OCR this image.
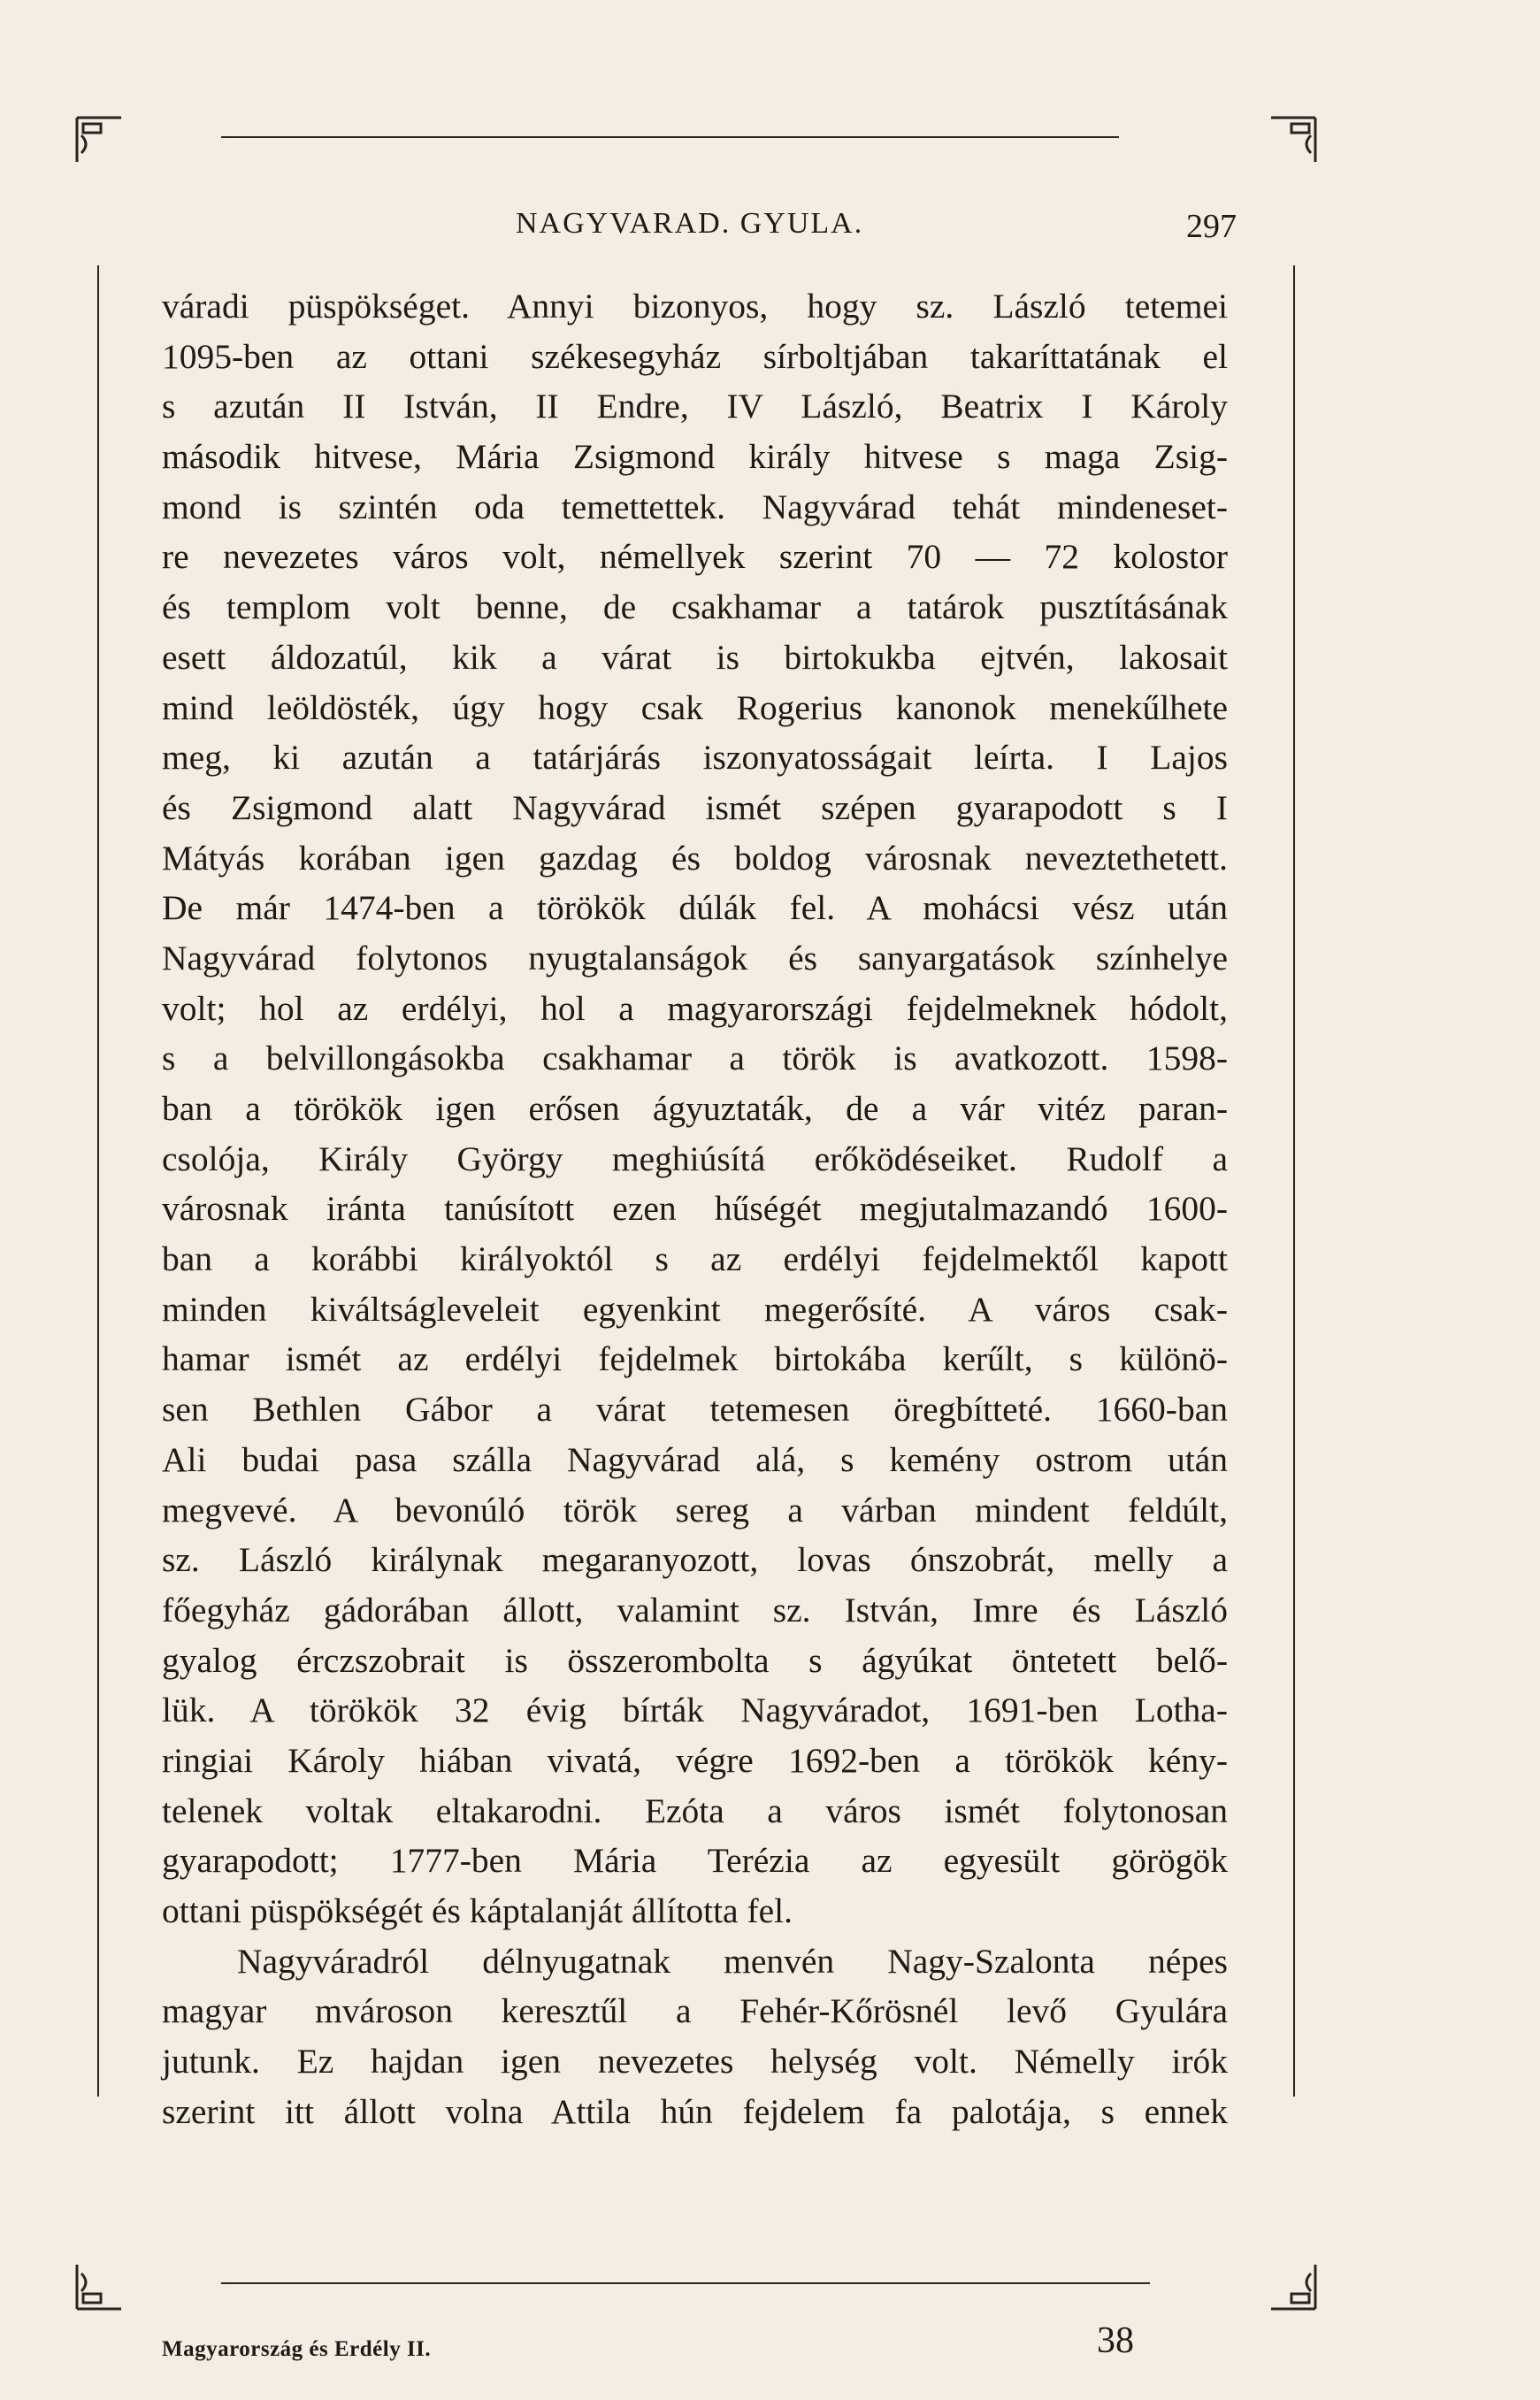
NAGYVARAD. GYULA.	297
váradi püspökséget. Annyi bizonyos, hogy sz. László tetemei
1095-ben az ottani székesegyház sírboltjában takaríttatának el
s azután II István, II Endre, IV László, Beatrix I Károly
második hitvese, Mária Zsigmond király hitvese s maga Zsig-
mond is szintén oda temettettek. Nagyvárad tehát mindeneset-
re nevezetes város volt, némellyek szerint 70 — 72 kolostor
és templom volt benne, de csakhamar a tatárok pusztításának
esett áldozatúl, kik a várat is birtokukba ejtvén, lakosait
mind leöldösték, úgy hogy csak Rogerius kanonok menekűlhete
meg, ki azután a tatárjárás iszonyatosságait leírta. I Lajos
és Zsigmond alatt Nagyvárad ismét szépen gyarapodott s I
Mátyás korában igen gazdag és boldog városnak neveztethetett.
De már 1474-ben a törökök dúlák fel. A mohácsi vész után
Nagyvárad folytonos nyugtalanságok és sanyargatások színhelye
volt; hol az erdélyi, hol a magyarországi fejdelmeknek hódolt,
s a belvillongásokba csakhamar a török is avatkozott. 1598-
ban a törökök igen erősen ágyuztaták, de a vár vitéz paran-
csolója, Király György meghiúsítá erőködéseiket. Rudolf a
városnak iránta tanúsított ezen hűségét megjutalmazandó 1600-
ban a korábbi királyoktól s az erdélyi fejdelmektől kapott
minden kiváltságleveleit egyenkint megerősíté. A város csak-
hamar ismét az erdélyi fejdelmek birtokába kerűlt, s különö-
sen Bethlen Gábor a várat tetemesen öregbítteté. 1660-ban
Ali budai pasa szálla Nagyvárad alá, s kemény ostrom után
megvevé. A bevonúló török sereg a várban mindent feldúlt,
sz. László királynak megaranyozott, lovas ónszobrát, melly a
főegyház gádorában állott, valamint sz. István, Imre és László
gyalog érczszobrait is összerombolta s ágyúkat öntetett belő-
lük. A törökök 32 évig bírták Nagyváradot, 1691-ben Lotha-
ringiai Károly hiában vivatá, végre 1692-ben a törökök kény-
telenek voltak eltakarodni. Ezóta a város ismét folytonosan
gyarapodott; 1777-ben Mária Terézia az egyesült görögök
ottani püspökségét és káptalanját állította fel.
Nagyváradról délnyugatnak menvén Nagy-Szalonta népes
magyar mvároson keresztűl a Fehér-Kőrösnél levő Gyulára
jutunk. Ez hajdan igen nevezetes helység volt. Némelly irók
szerint itt állott volna Attila hún fejdelem fa palotája, s ennek
Magyarország és Erdély II.	38
